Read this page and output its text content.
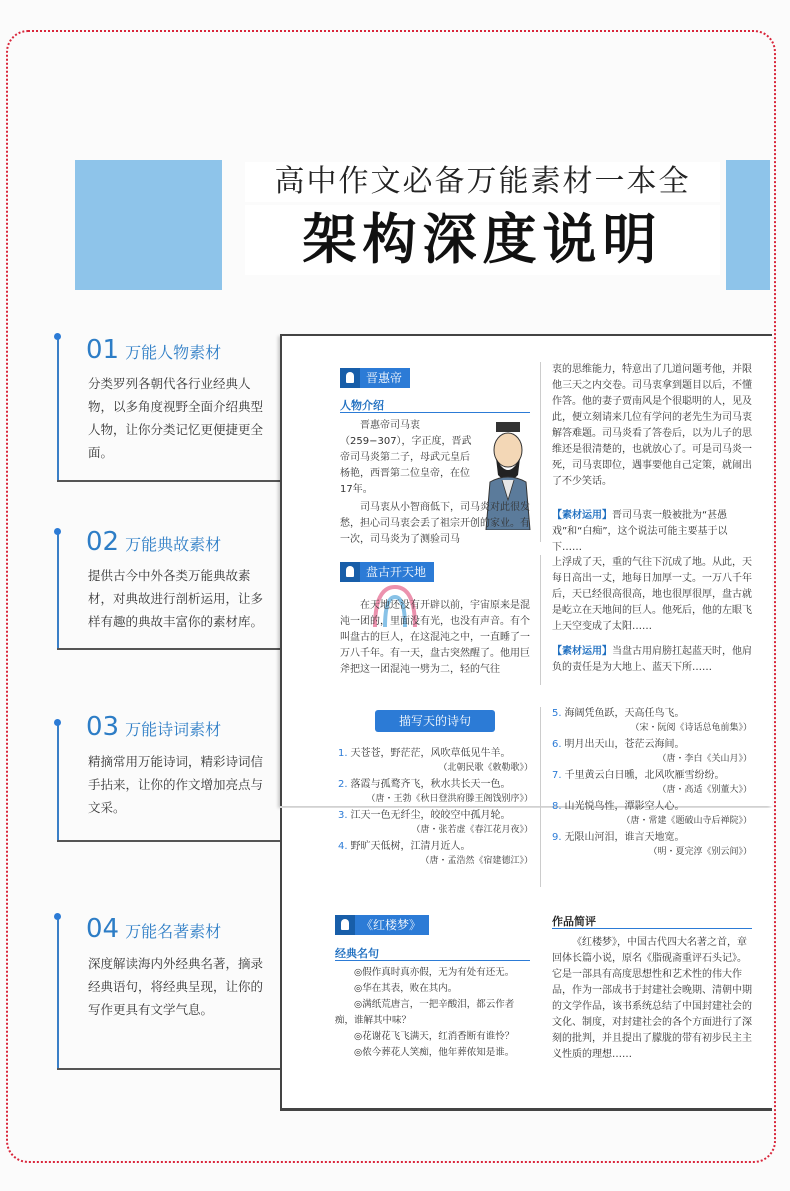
高中作文必备万能素材一本全
架构深度说明
01 万能人物素材
分类罗列各朝代各行业经典人物，以多角度视野全面介绍典型人物，让你分类记忆更便捷更全面。
02 万能典故素材
提供古今中外各类万能典故素材，对典故进行剖析运用，让多样有趣的典故丰富你的素材库。
03 万能诗词素材
精摘常用万能诗词，精彩诗词信手拈来，让你的作文增加亮点与文采。
04 万能名著素材
深度解读海内外经典名著，摘录经典语句，将经典呈现，让你的写作更具有文学气息。
晋惠帝
人物介绍

晋惠帝司马衷（259−307），字正度，晋武帝司马炎第二子，母武元皇后杨艳，西晋第二位皇帝，在位17年。

司马衷从小智商低下，司马炎对此很发愁，担心司马衷会丢了祖宗开创的家业。有一次，司马炎为了测验司马

衷的思维能力，特意出了几道问题考他，并限他三天之内交卷。司马衷拿到题目以后，不懂作答。他的妻子贾南风是个很聪明的人，见及此，便立刻请来几位有学问的老先生为司马衷解答难题。司马炎看了答卷后，以为儿子的思维还是很清楚的，也就放心了。可是司马炎一死，司马衷即位，遇事要他自己定策，就闹出了不少笑话。

【素材运用】晋司马衷一般被批为“甚愚戏”和“白痴”，这个说法可能主要基于以下……
盘古开天地

在天地还没有开辟以前，宇宙原来是混沌一团的，里面没有光，也没有声音。有个叫盘古的巨人，在这混沌之中，一直睡了一万八千年。有一天，盘古突然醒了。他用巨斧把这一团混沌一劈为二，轻的气往

上浮成了天，重的气往下沉成了地。从此，天每日高出一丈，地每日加厚一丈。一万八千年后，天已经很高很高，地也很厚很厚，盘古就是屹立在天地间的巨人。他死后，他的左眼飞上天空变成了太阳……

【素材运用】当盘古用肩膀扛起蓝天时，他肩负的责任是为大地上、蓝天下所……
描写天的诗句
1. 天苍苍，野茫茫，风吹草低见牛羊。
（北朝民歌《敕勒歌》）
2. 落霞与孤鹜齐飞，秋水共长天一色。
（唐・王勃《秋日登洪府滕王阁饯别序》）
3. 江天一色无纤尘，皎皎空中孤月轮。
（唐・张若虚《春江花月夜》）
4. 野旷天低树，江清月近人。
（唐・孟浩然《宿建德江》）
5. 海阔凭鱼跃，天高任鸟飞。
（宋・阮阅《诗话总龟前集》）
6. 明月出天山，苍茫云海间。
（唐・李白《关山月》）
7. 千里黄云白日曛，北风吹雁雪纷纷。
（唐・高适《别董大》）
8. 山光悦鸟性，潭影空人心。
（唐・常建《题破山寺后禅院》）
9. 无限山河泪，谁言天地宽。
（明・夏完淳《别云间》）
《红楼梦》
经典名句

◎假作真时真亦假，无为有处有还无。

◎华在其表，败在其内。

◎满纸荒唐言，一把辛酸泪，都云作者痴，谁解其中味？

◎花谢花飞飞满天，红消香断有谁怜？

◎侬今葬花人笑痴，他年葬侬知是谁。

作品简评

《红楼梦》，中国古代四大名著之首，章回体长篇小说，原名《脂砚斋重评石头记》。它是一部具有高度思想性和艺术性的伟大作品，作为一部成书于封建社会晚期、清朝中期的文学作品，该书系统总结了中国封建社会的文化、制度，对封建社会的各个方面进行了深刻的批判，并且提出了朦胧的带有初步民主主义性质的理想……
